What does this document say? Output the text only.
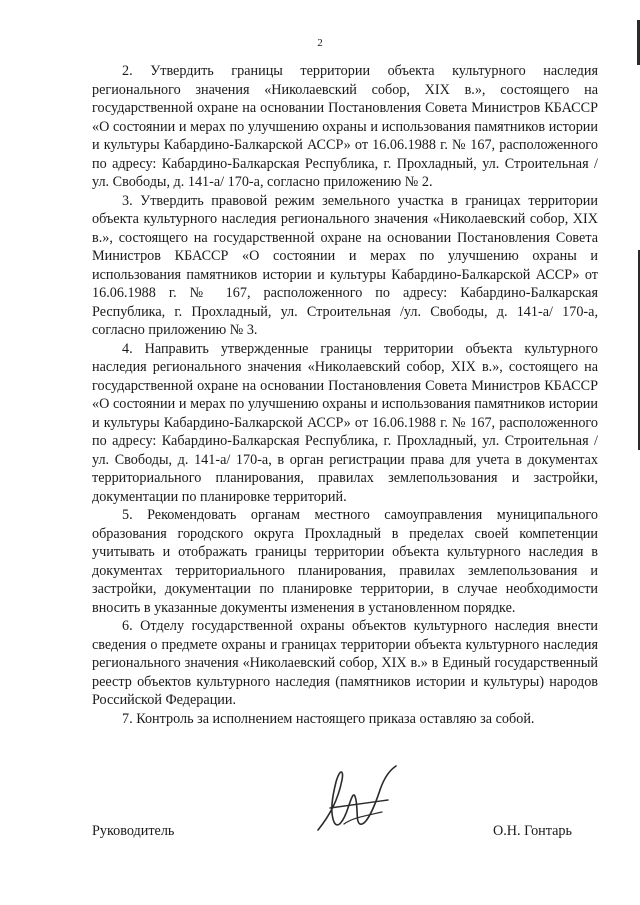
2

2. Утвердить границы территории объекта культурного наследия регионального значения «Николаевский собор, XIX в.», состоящего на государственной охране на основании Постановления Совета Министров КБАССР «О состоянии и мерах по улучшению охраны и использования памятников истории и культуры Кабардино-Балкарской АССР» от 16.06.1988 г. № 167, расположенного по адресу: Кабардино-Балкарская Республика, г. Прохладный, ул. Строительная /ул. Свободы, д. 141-а/ 170-а, согласно приложению № 2.

3. Утвердить правовой режим земельного участка в границах территории объекта культурного наследия регионального значения «Николаевский собор, XIX в.», состоящего на государственной охране на основании Постановления Совета Министров КБАССР «О состоянии и мерах по улучшению охраны и использования памятников истории и культуры Кабардино-Балкарской АССР» от 16.06.1988 г. № 167, расположенного по адресу: Кабардино-Балкарская Республика, г. Прохладный, ул. Строительная /ул. Свободы, д. 141-а/ 170-а, согласно приложению № 3.

4. Направить утвержденные границы территории объекта культурного наследия регионального значения «Николаевский собор, XIX в.», состоящего на государственной охране на основании Постановления Совета Министров КБАССР «О состоянии и мерах по улучшению охраны и использования памятников истории и культуры Кабардино-Балкарской АССР» от 16.06.1988 г. № 167, расположенного по адресу: Кабардино-Балкарская Республика, г. Прохладный, ул. Строительная /ул. Свободы, д. 141-а/ 170-а, в орган регистрации права для учета в документах территориального планирования, правилах землепользования и застройки, документации по планировке территорий.

5. Рекомендовать органам местного самоуправления муниципального образования городского округа Прохладный в пределах своей компетенции учитывать и отображать границы территории объекта культурного наследия в документах территориального планирования, правилах землепользования и застройки, документации по планировке территории, в случае необходимости вносить в указанные документы изменения в установленном порядке.

6. Отделу государственной охраны объектов культурного наследия внести сведения о предмете охраны и границах территории объекта культурного наследия регионального значения «Николаевский собор, XIX в.» в Единый государственный реестр объектов культурного наследия (памятников истории и культуры) народов Российской Федерации.

7. Контроль за исполнением настоящего приказа оставляю за собой.

Руководитель	О.Н. Гонтарь
